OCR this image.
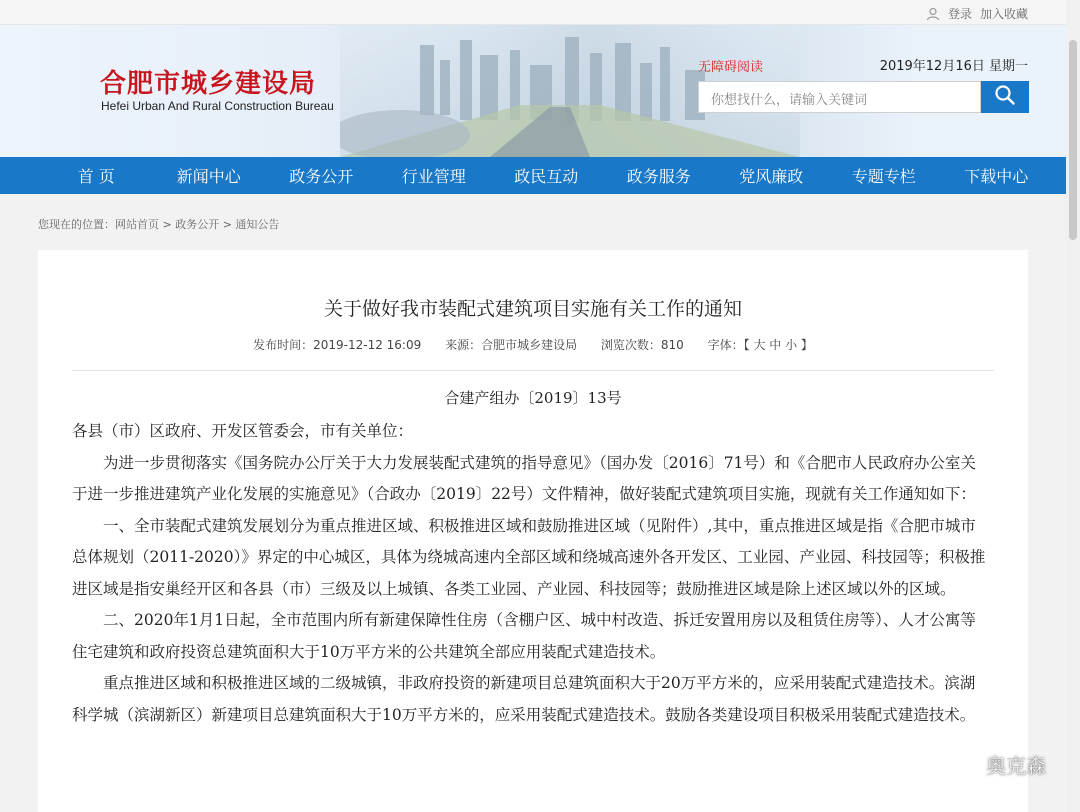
登录 加入收藏
合肥市城乡建设局
Hefei Urban And Rural Construction Bureau
无障碍阅读	2019年12月16日 星期一
你想找什么，请输入关键词
首 页	新闻中心	政务公开	行业管理	政民互动	政务服务	党风廉政	专题专栏	下载中心
您现在的位置：网站首页 > 政务公开 > 通知公告
关于做好我市装配式建筑项目实施有关工作的通知
发布时间：2019-12-12 16:09 来源：合肥市城乡建设局 浏览次数：810 字体：【 大 中 小 】
合建产组办〔2019〕13号

各县（市）区政府、开发区管委会，市有关单位：

为进一步贯彻落实《国务院办公厅关于大力发展装配式建筑的指导意见》（国办发〔2016〕71号）和《合肥市人民政府办公室关于进一步推进建筑产业化发展的实施意见》（合政办〔2019〕22号）文件精神，做好装配式建筑项目实施，现就有关工作通知如下：

一、全市装配式建筑发展划分为重点推进区域、积极推进区域和鼓励推进区域（见附件）,其中，重点推进区域是指《合肥市城市总体规划（2011-2020）》界定的中心城区，具体为绕城高速内全部区域和绕城高速外各开发区、工业园、产业园、科技园等；积极推进区域是指安巢经开区和各县（市）三级及以上城镇、各类工业园、产业园、科技园等；鼓励推进区域是除上述区域以外的区域。

二、2020年1月1日起，全市范围内所有新建保障性住房（含棚户区、城中村改造、拆迁安置用房以及租赁住房等）、人才公寓等住宅建筑和政府投资总建筑面积大于10万平方米的公共建筑全部应用装配式建造技术。

重点推进区域和积极推进区域的二级城镇，非政府投资的新建项目总建筑面积大于20万平方米的，应采用装配式建造技术。滨湖科学城（滨湖新区）新建项目总建筑面积大于10万平方米的，应采用装配式建造技术。鼓励各类建设项目积极采用装配式建造技术。

奥克森
